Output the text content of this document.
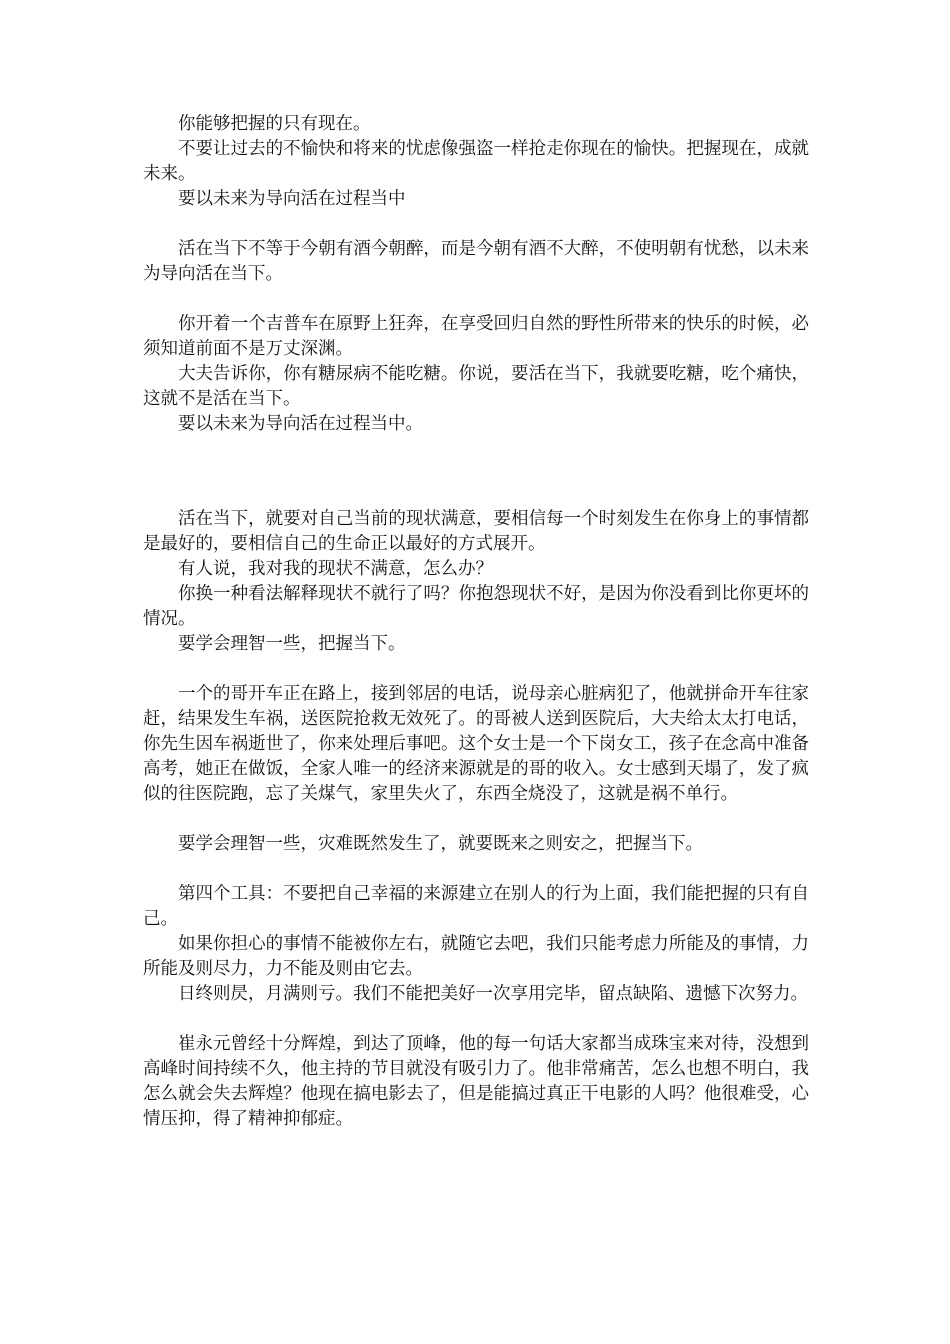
你能够把握的只有现在。

不要让过去的不愉快和将来的忧虑像强盗一样抢走你现在的愉快。把握现在，成就未来。

要以未来为导向活在过程当中

活在当下不等于今朝有酒今朝醉，而是今朝有酒不大醉，不使明朝有忧愁，以未来为导向活在当下。

你开着一个吉普车在原野上狂奔，在享受回归自然的野性所带来的快乐的时候，必须知道前面不是万丈深渊。

大夫告诉你，你有糖尿病不能吃糖。你说，要活在当下，我就要吃糖，吃个痛快，这就不是活在当下。

要以未来为导向活在过程当中。

活在当下，就要对自己当前的现状满意，要相信每一个时刻发生在你身上的事情都是最好的，要相信自己的生命正以最好的方式展开。

有人说，我对我的现状不满意，怎么办？

你换一种看法解释现状不就行了吗？你抱怨现状不好，是因为你没看到比你更坏的情况。

要学会理智一些，把握当下。

一个的哥开车正在路上，接到邻居的电话，说母亲心脏病犯了，他就拼命开车往家赶，结果发生车祸，送医院抢救无效死了。的哥被人送到医院后，大夫给太太打电话，你先生因车祸逝世了，你来处理后事吧。这个女士是一个下岗女工，孩子在念高中准备高考，她正在做饭，全家人唯一的经济来源就是的哥的收入。女士感到天塌了，发了疯似的往医院跑，忘了关煤气，家里失火了，东西全烧没了，这就是祸不单行。

要学会理智一些，灾难既然发生了，就要既来之则安之，把握当下。

第四个工具：不要把自己幸福的来源建立在别人的行为上面，我们能把握的只有自己。

如果你担心的事情不能被你左右，就随它去吧，我们只能考虑力所能及的事情，力所能及则尽力，力不能及则由它去。

日终则昃，月满则亏。我们不能把美好一次享用完毕，留点缺陷、遗憾下次努力。

崔永元曾经十分辉煌，到达了顶峰，他的每一句话大家都当成珠宝来对待，没想到高峰时间持续不久，他主持的节目就没有吸引力了。他非常痛苦，怎么也想不明白，我怎么就会失去辉煌？他现在搞电影去了，但是能搞过真正干电影的人吗？他很难受，心情压抑，得了精神抑郁症。
